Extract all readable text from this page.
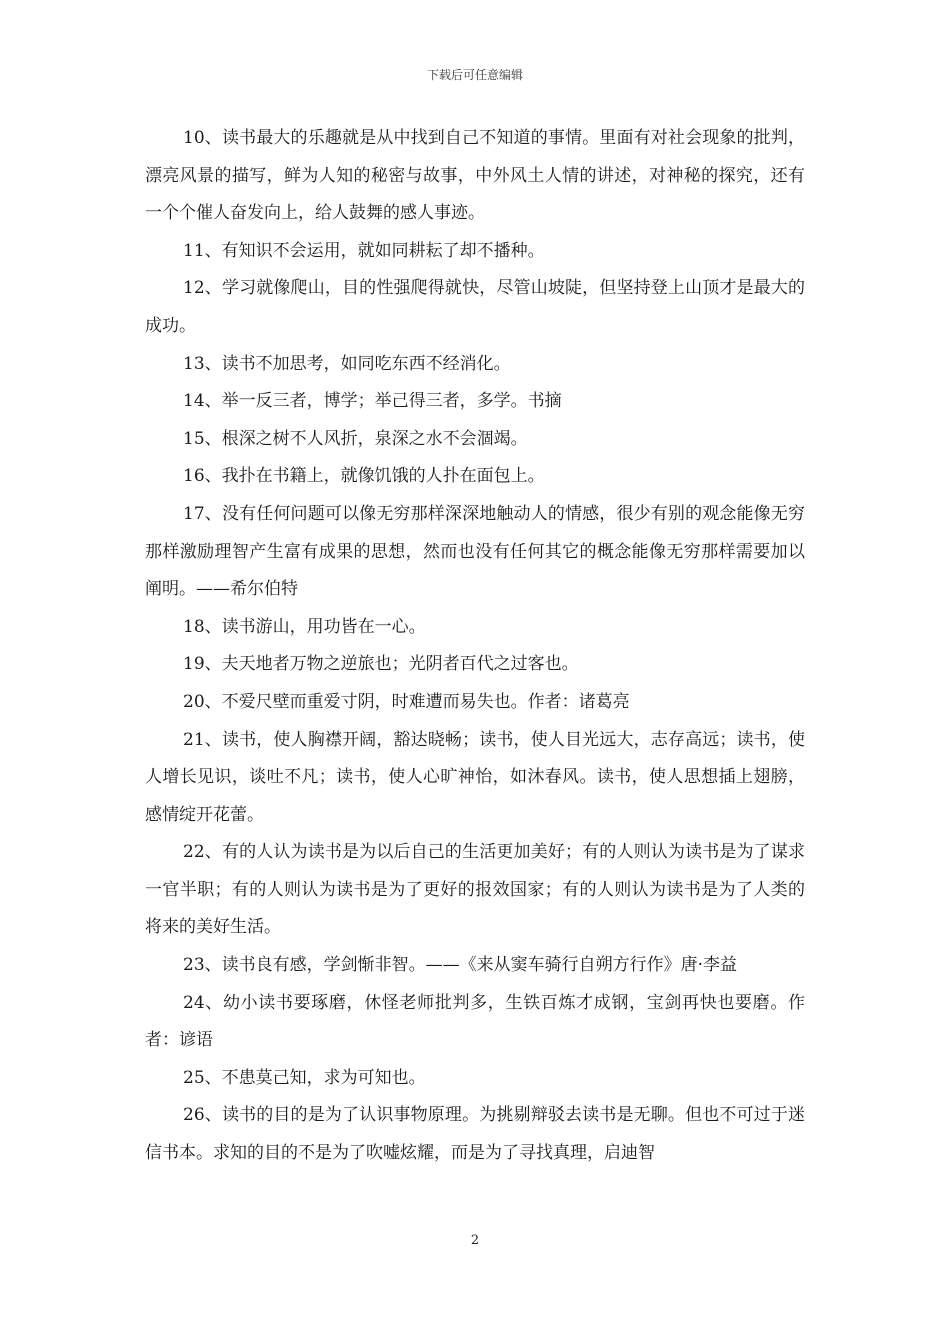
下载后可任意编辑

10、读书最大的乐趣就是从中找到自己不知道的事情。里面有对社会现象的批判，漂亮风景的描写，鲜为人知的秘密与故事，中外风土人情的讲述，对神秘的探究，还有一个个催人奋发向上，给人鼓舞的感人事迹。

11、有知识不会运用，就如同耕耘了却不播种。

12、学习就像爬山，目的性强爬得就快，尽管山坡陡，但坚持登上山顶才是最大的成功。

13、读书不加思考，如同吃东西不经消化。

14、举一反三者，博学；举己得三者，多学。书摘

15、根深之树不人风折，泉深之水不会涸竭。

16、我扑在书籍上，就像饥饿的人扑在面包上。

17、没有任何问题可以像无穷那样深深地触动人的情感，很少有别的观念能像无穷那样激励理智产生富有成果的思想，然而也没有任何其它的概念能像无穷那样需要加以阐明。——希尔伯特

18、读书游山，用功皆在一心。

19、夫天地者万物之逆旅也；光阴者百代之过客也。

20、不爱尺壁而重爱寸阴，时难遭而易失也。作者：诸葛亮

21、读书，使人胸襟开阔，豁达晓畅；读书，使人目光远大，志存高远；读书，使人增长见识，谈吐不凡；读书，使人心旷神怡，如沐春风。读书，使人思想插上翅膀，感情绽开花蕾。

22、有的人认为读书是为以后自己的生活更加美好；有的人则认为读书是为了谋求一官半职；有的人则认为读书是为了更好的报效国家；有的人则认为读书是为了人类的将来的美好生活。

23、读书良有感，学剑惭非智。——《来从窦车骑行自朔方行作》唐·李益

24、幼小读书要琢磨，休怪老师批判多，生铁百炼才成钢，宝剑再快也要磨。作者：谚语

25、不患莫己知，求为可知也。

26、读书的目的是为了认识事物原理。为挑剔辩驳去读书是无聊。但也不可过于迷信书本。求知的目的不是为了吹嘘炫耀，而是为了寻找真理，启迪智

2
